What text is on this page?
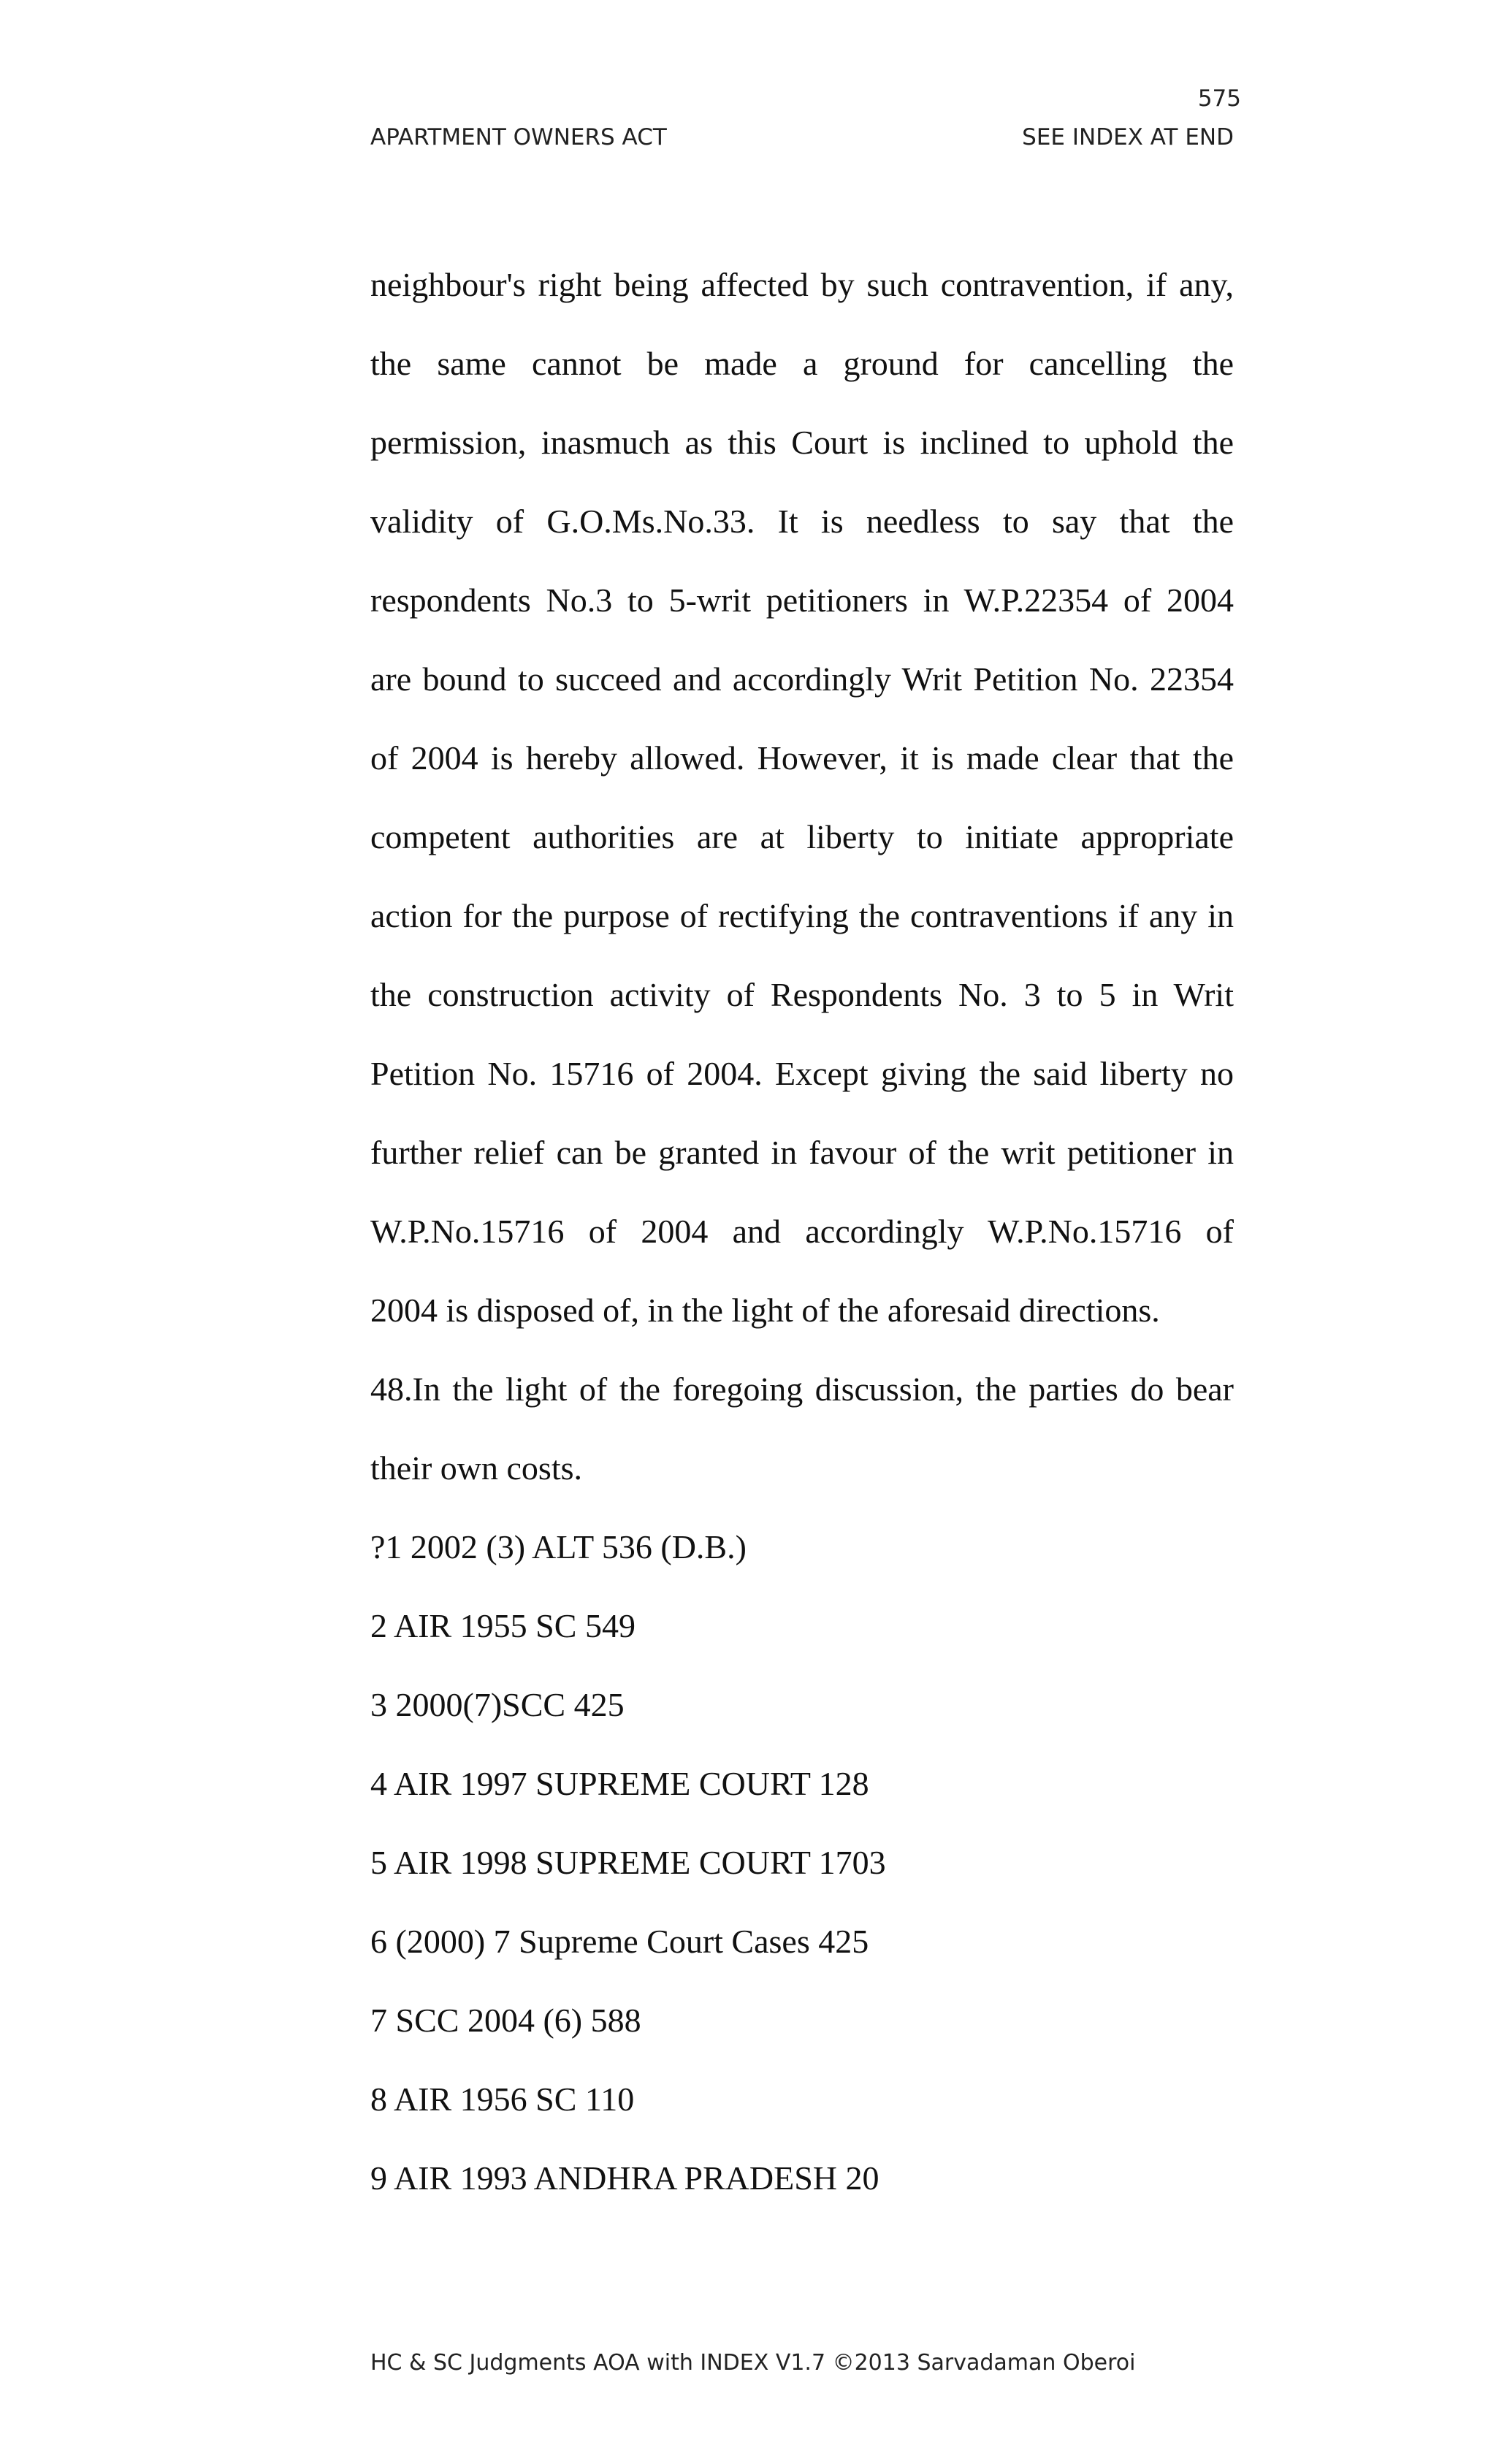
575
APARTMENT OWNERS ACT	SEE INDEX AT END
neighbour's right being affected by such contravention, if any,
the same cannot be made a ground for cancelling the
permission, inasmuch as this Court is inclined to uphold the
validity of G.O.Ms.No.33. It is needless to say that the
respondents No.3 to 5-writ petitioners in W.P.22354 of 2004
are bound to succeed and accordingly Writ Petition No. 22354
of 2004 is hereby allowed. However, it is made clear that the
competent authorities are at liberty to initiate appropriate
action for the purpose of rectifying the contraventions if any in
the construction activity of Respondents No. 3 to 5 in Writ
Petition No. 15716 of 2004. Except giving the said liberty no
further relief can be granted in favour of the writ petitioner in
W.P.No.15716 of 2004 and accordingly W.P.No.15716 of
2004 is disposed of, in the light of the aforesaid directions.
48.In the light of the foregoing discussion, the parties do bear
their own costs.
?1 2002 (3) ALT 536 (D.B.)
2 AIR 1955 SC 549
3 2000(7)SCC 425
4 AIR 1997 SUPREME COURT 128
5 AIR 1998 SUPREME COURT 1703
6 (2000) 7 Supreme Court Cases 425
7 SCC 2004 (6) 588
8 AIR 1956 SC 110
9 AIR 1993 ANDHRA PRADESH 20
HC & SC Judgments AOA with INDEX V1.7 ©2013 Sarvadaman Oberoi
